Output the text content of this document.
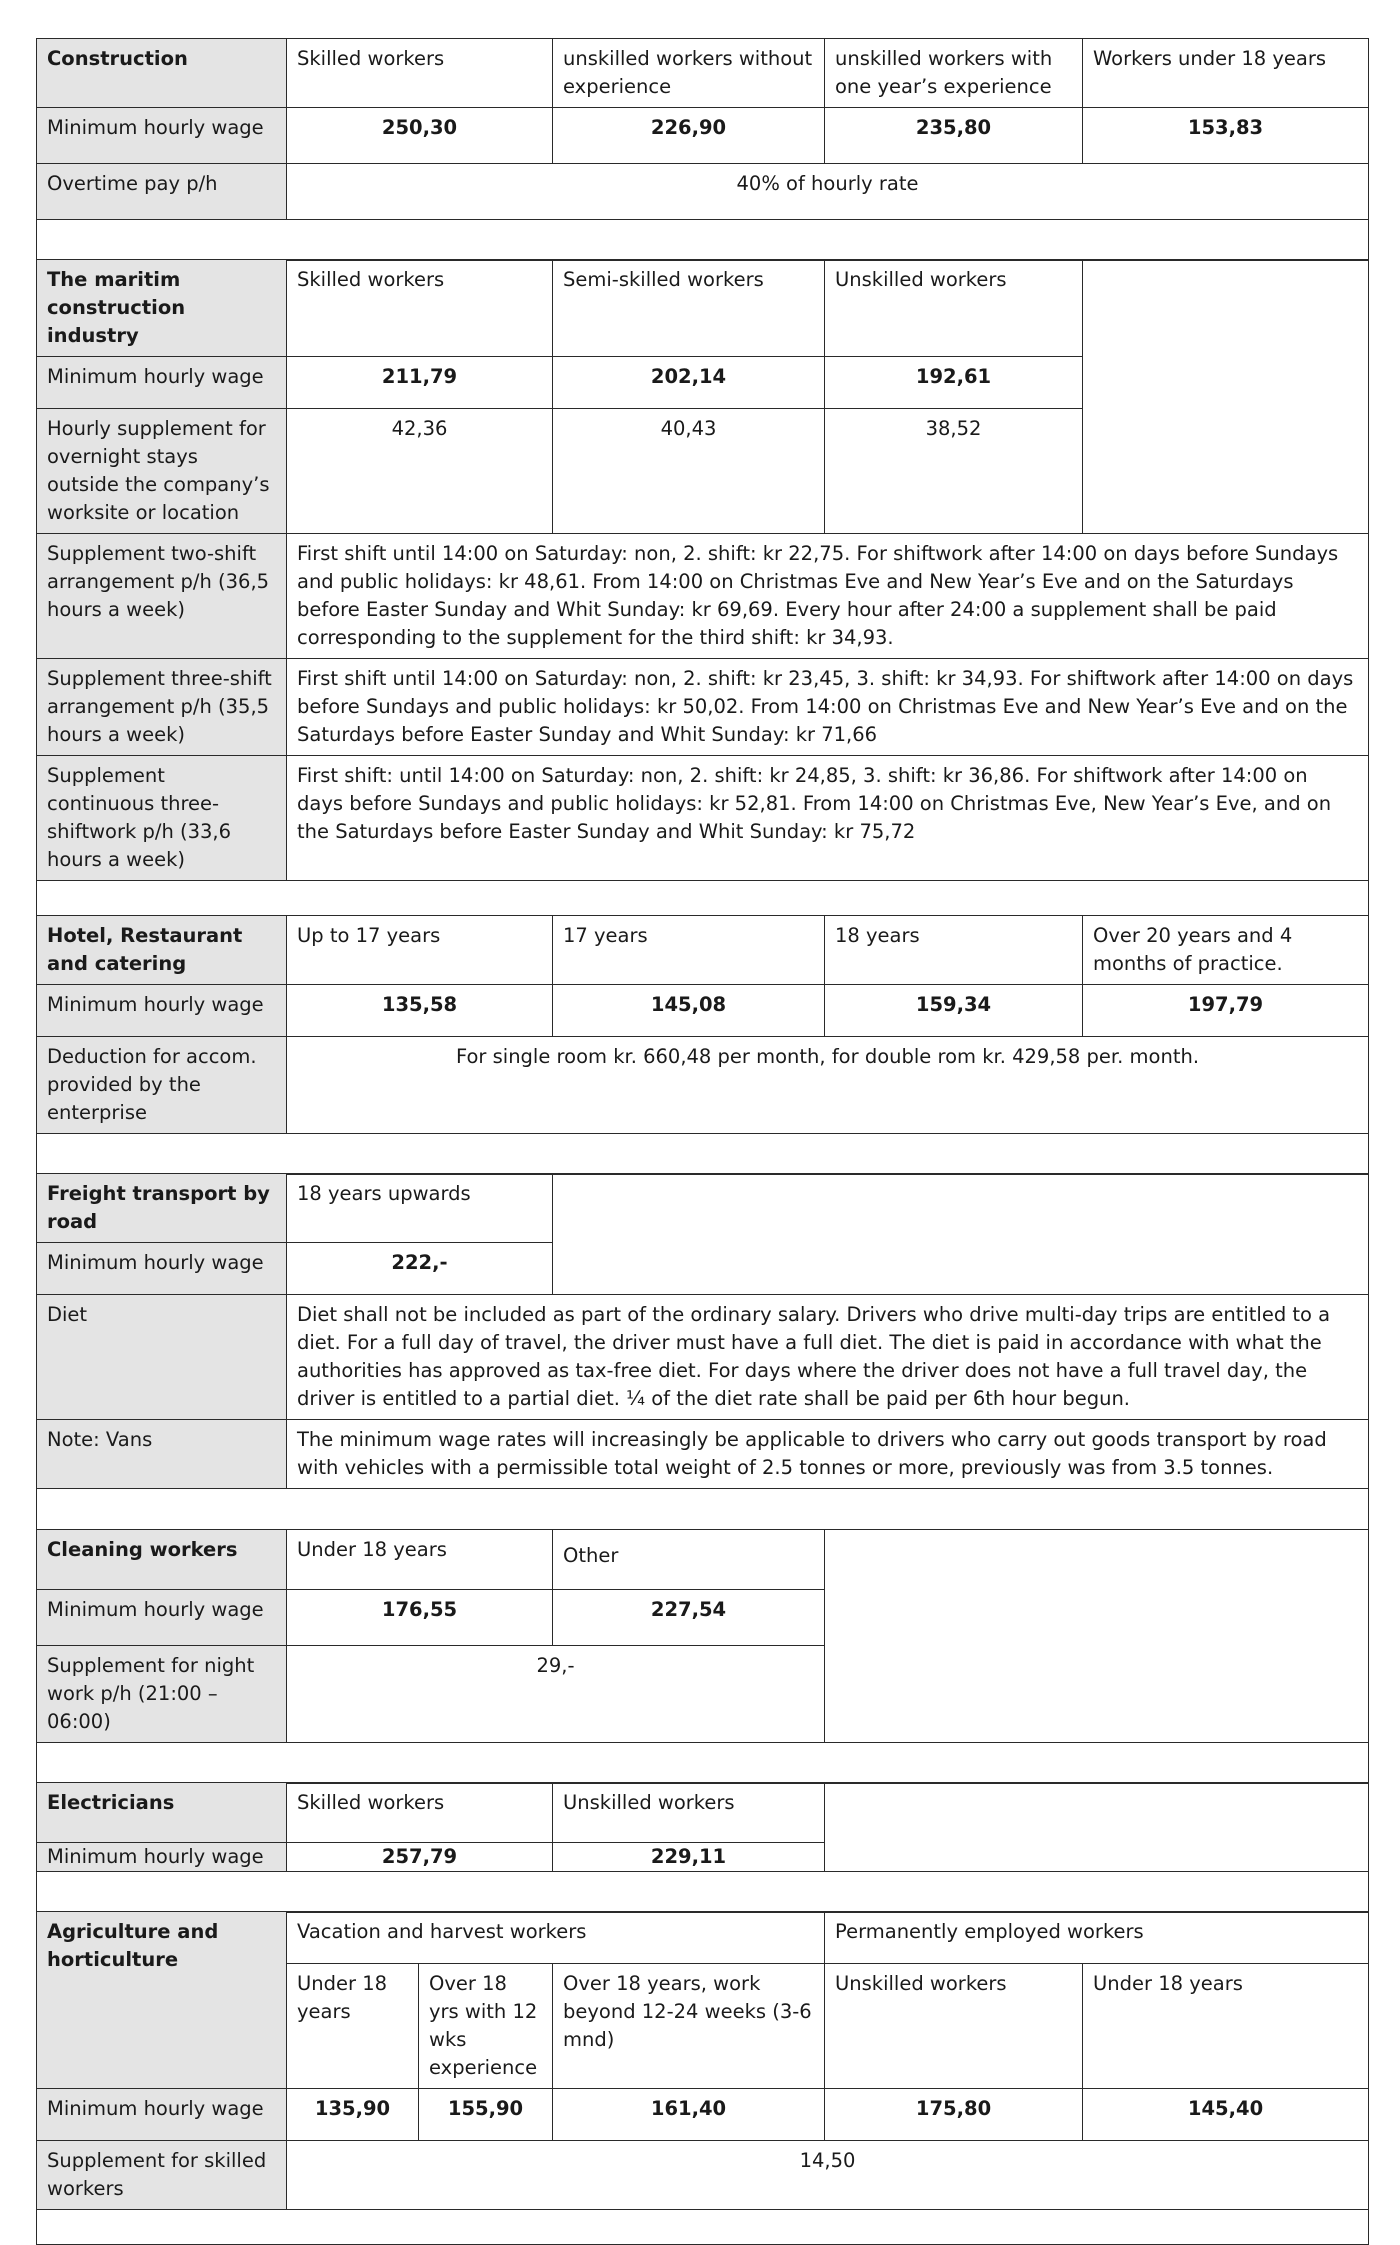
Construction	Skilled workers	unskilled workers without experience	unskilled workers with one year’s experience	Workers under 18 years
Minimum hourly wage	250,30	226,90	235,80	153,83
Overtime pay p/h	40% of hourly rate			

The maritim construction industry	Skilled workers	Semi-skilled workers	Unskilled workers	
Minimum hourly wage	211,79	202,14	192,61	
Hourly supplement for overnight stays outside the company’s worksite or location	42,36	40,43	38,52	
Supplement two-shift arrangement p/h (36,5 hours a week)	First shift until 14:00 on Saturday: non, 2. shift: kr 22,75. For shiftwork after 14:00 on days before Sundays and public holidays: kr 48,61. From 14:00 on Christmas Eve and New Year’s Eve and on the Saturdays before Easter Sunday and Whit Sunday: kr 69,69. Every hour after 24:00 a supplement shall be paid corresponding to the supplement for the third shift: kr 34,93.			
Supplement three-shift arrangement p/h (35,5 hours a week)	First shift until 14:00 on Saturday: non, 2. shift: kr 23,45, 3. shift: kr 34,93. For shiftwork after 14:00 on days before Sundays and public holidays: kr 50,02. From 14:00 on Christmas Eve and New Year’s Eve and on the Saturdays before Easter Sunday and Whit Sunday: kr 71,66			
Supplement continuous three-shiftwork p/h (33,6 hours a week)	First shift: until 14:00 on Saturday: non, 2. shift: kr 24,85, 3. shift: kr 36,86. For shiftwork after 14:00 on days before Sundays and public holidays: kr 52,81. From 14:00 on Christmas Eve, New Year’s Eve, and on the Saturdays before Easter Sunday and Whit Sunday: kr 75,72			

Hotel, Restaurant and catering	Up to 17 years	17 years	18 years	Over 20 years and 4 months of practice.
Minimum hourly wage	135,58	145,08	159,34	197,79
Deduction for accom. provided by the enterprise	For single room kr. 660,48 per month, for double rom kr. 429,58 per. month.			

Freight transport by road	18 years upwards	
Minimum hourly wage	222,-	
Diet	Diet shall not be included as part of the ordinary salary. Drivers who drive multi-day trips are entitled to a diet. For a full day of travel, the driver must have a full diet. The diet is paid in accordance with what the authorities has approved as tax-free diet. For days where the driver does not have a full travel day, the driver is entitled to a partial diet. ¼ of the diet rate shall be paid per 6th hour begun.	
Note: Vans	The minimum wage rates will increasingly be applicable to drivers who carry out goods transport by road with vehicles with a permissible total weight of 2.5 tonnes or more, previously was from 3.5 tonnes.	

Cleaning workers	Under 18 years	Other	
Minimum hourly wage	176,55	227,54	
Supplement for night work p/h (21:00 – 06:00)	29,-		

Electricians	Skilled workers	Unskilled workers	
Minimum hourly wage	257,79	229,11	

Agriculture and horticulture	Vacation and harvest workers			Permanently employed workers	
	Under 18 years	Over 18 yrs with 12 wks experience	Over 18 years, work beyond 12-24 weeks (3-6 mnd)	Unskilled workers	Under 18 years
Minimum hourly wage	135,90	155,90	161,40	175,80	145,40
Supplement for skilled workers	14,50				
